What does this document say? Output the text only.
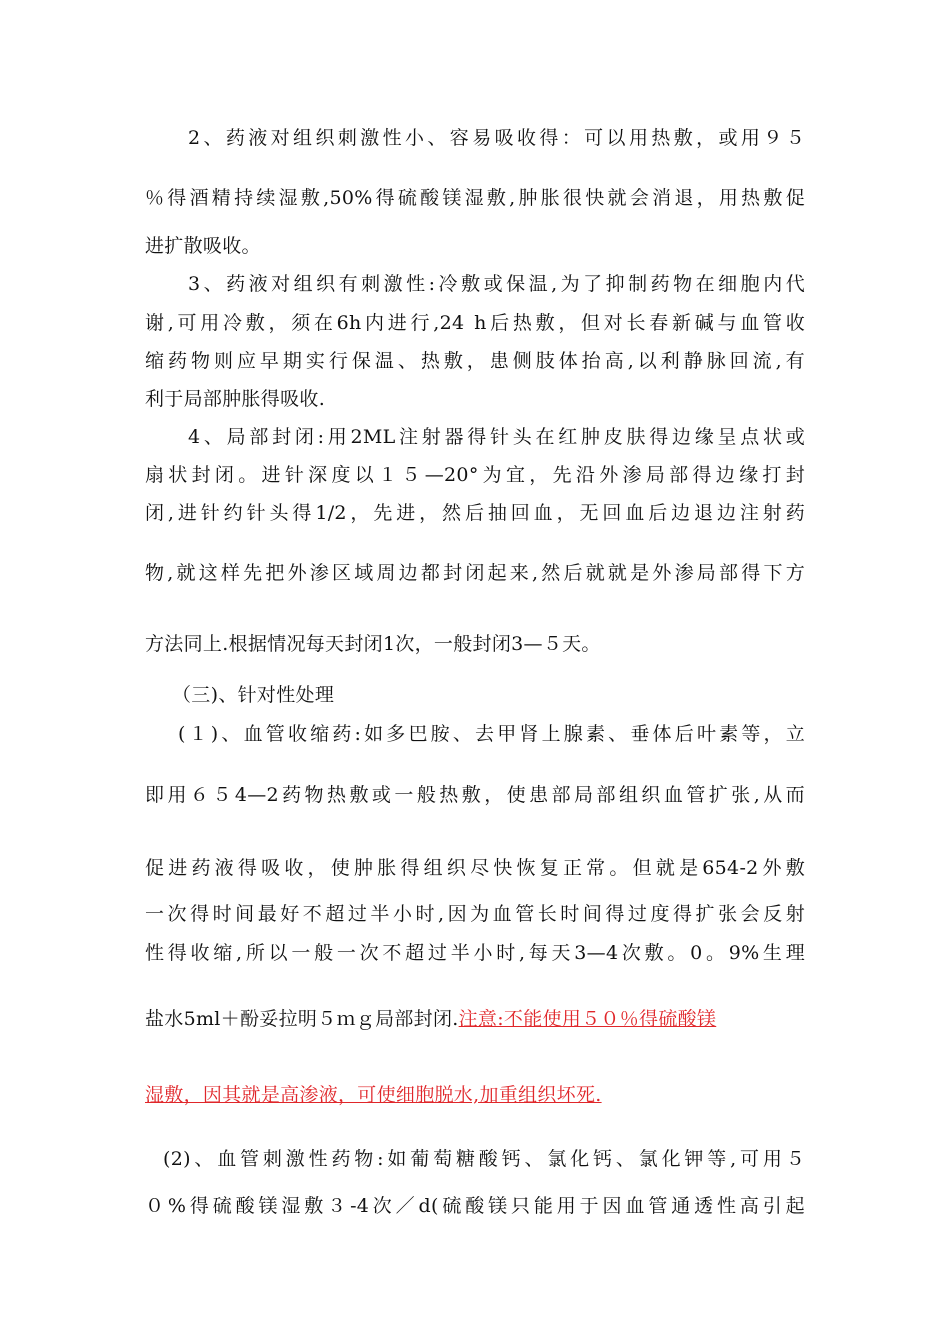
2、药液对组织刺激性小、容易吸收得：可以用热敷，或用９５
％得酒精持续湿敷,50%得硫酸镁湿敷,肿胀很快就会消退，用热敷促
进扩散吸收。
3、药液对组织有刺激性:冷敷或保温,为了抑制药物在细胞内代
谢,可用冷敷，须在6h内进行,24 h后热敷，但对长春新碱与血管收
缩药物则应早期实行保温、热敷，患侧肢体抬高,以利静脉回流,有
利于局部肿胀得吸收.
4、局部封闭:用2ML注射器得针头在红肿皮肤得边缘呈点状或
扇状封闭。进针深度以１５—20°为宜，先沿外渗局部得边缘打封
闭,进针约针头得1/2，先进，然后抽回血，无回血后边退边注射药
物,就这样先把外渗区域周边都封闭起来,然后就就是外渗局部得下方
方法同上.根据情况每天封闭1次，一般封闭3—５天。
（三)、针对性处理
(１)、血管收缩药:如多巴胺、去甲肾上腺素、垂体后叶素等，立
即用６５4—2药物热敷或一般热敷，使患部局部组织血管扩张,从而
促进药液得吸收，使肿胀得组织尽快恢复正常。但就是654-2外敷
一次得时间最好不超过半小时,因为血管长时间得过度得扩张会反射
性得收缩,所以一般一次不超过半小时,每天3—4次敷。0。9%生理
盐水5ml＋酚妥拉明５ｍｇ局部封闭.注意:不能使用５０％得硫酸镁
湿敷，因其就是高渗液，可使细胞脱水,加重组织坏死.
(2)、血管刺激性药物:如葡萄糖酸钙、氯化钙、氯化钾等,可用５
０%得硫酸镁湿敷３-4次／d(硫酸镁只能用于因血管通透性高引起
